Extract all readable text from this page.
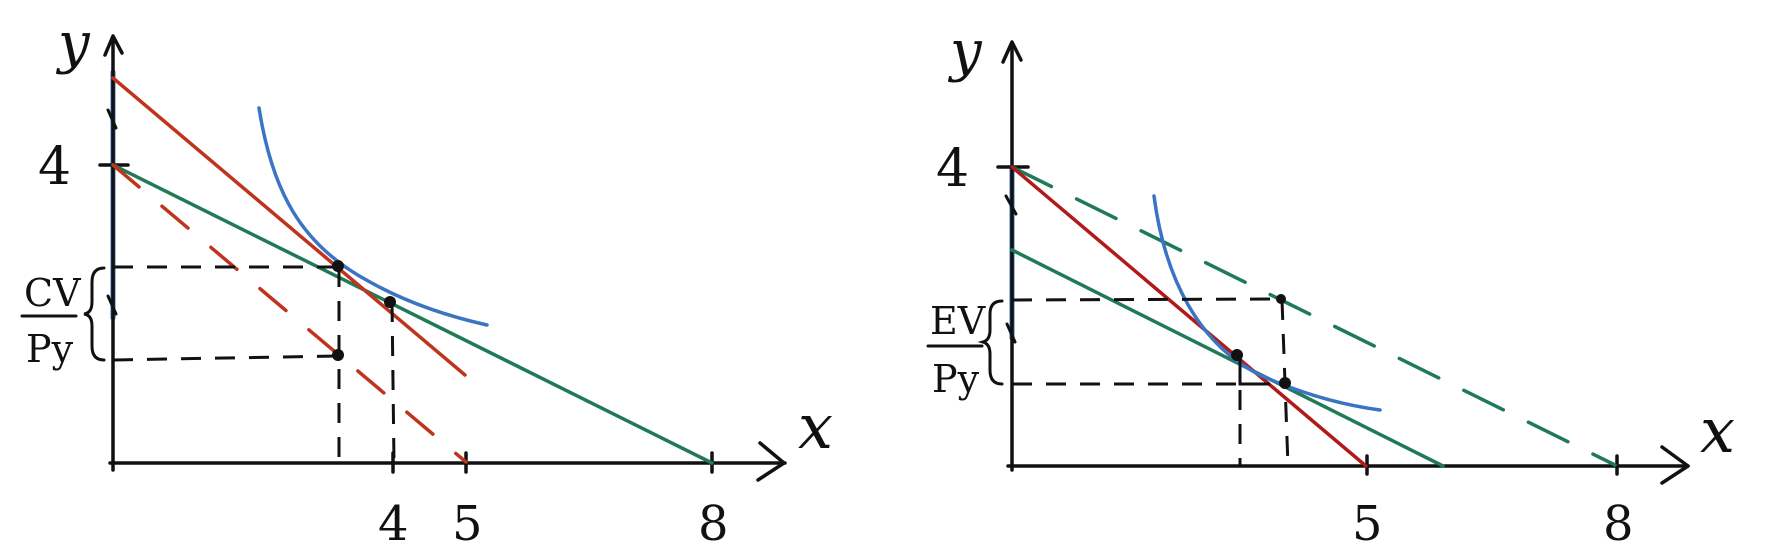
y
x
4
4 5	8
CV
Py
y
x
4
5	8
EV
Py
